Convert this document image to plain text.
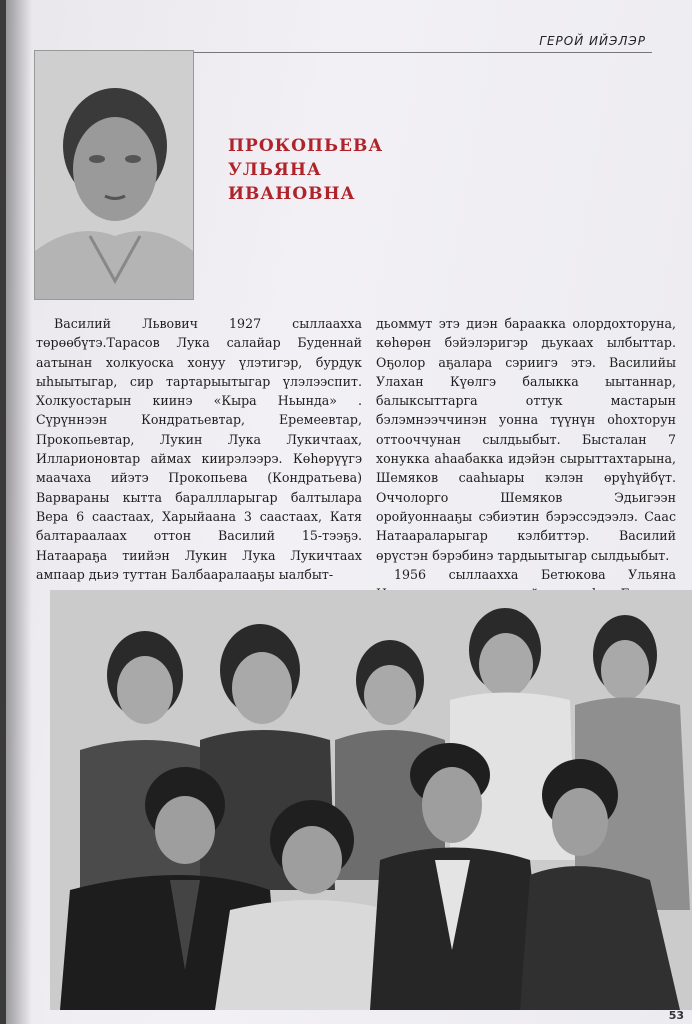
ГЕРОЙ ИЙЭЛЭР
ПРОКОПЬЕВА
УЛЬЯНА
ИВАНОВНА

Василий Львович 1927 сыллаахха төрөөбүтэ.Тарасов Лука салайар Буденнай аатынан холкуоска хонуу үлэтигэр, бурдук ыһыытыгар, сир тартарыытыгар үлэлээспит. Холкуостарын киинэ «Кыра Ньында» . Сүрүннээн Кондратьевтар, Еремеевтар, Прокопьевтар, Лукин Лука Лукичтаах, Илларионовтар аймах киирэлээрэ. Көһөрүүгэ маачаха ийэтэ Прокопьева (Кондратьева) Варвараны кытта бараллларыгар балтылара Вера 6 саастаах, Харыйаана 3 саастаах, Катя балтараалаах оттон Василий 15-тээҕэ. Натаараҕа тиийэн Лукин Лука Лукичтаах ампаар дьиэ туттан Балбааралааҕы ыалбыт-

дьоммут этэ диэн бараакка олордохторуна, көһөрөн бэйэлэригэр дьукаах ылбыттар. Оҕолор аҕалара сэриигэ этэ. Василийы Улахан Күөлгэ балыкка ыытаннар, балыксыттарга оттук мастарын бэлэмнээччинэн уонна түүнүн оһохторун оттооччунан сылдьыбыт. Бысталан 7 хонукка аһаабакка идэйэн сырыттахтарына, Шемяков сааһыары кэлэн өрүһүйбүт. Оччолорго Шемяков Эдьигээн оройуоннааҕы сэбиэтин бэрэссэдээлэ. Саас Натаараларыгар кэлбиттэр. Василий өрүстэн бэрэбинэ тардыытыгар сылдьыбыт.

1956 сыллаахха Бетюкова Ульяна

53
